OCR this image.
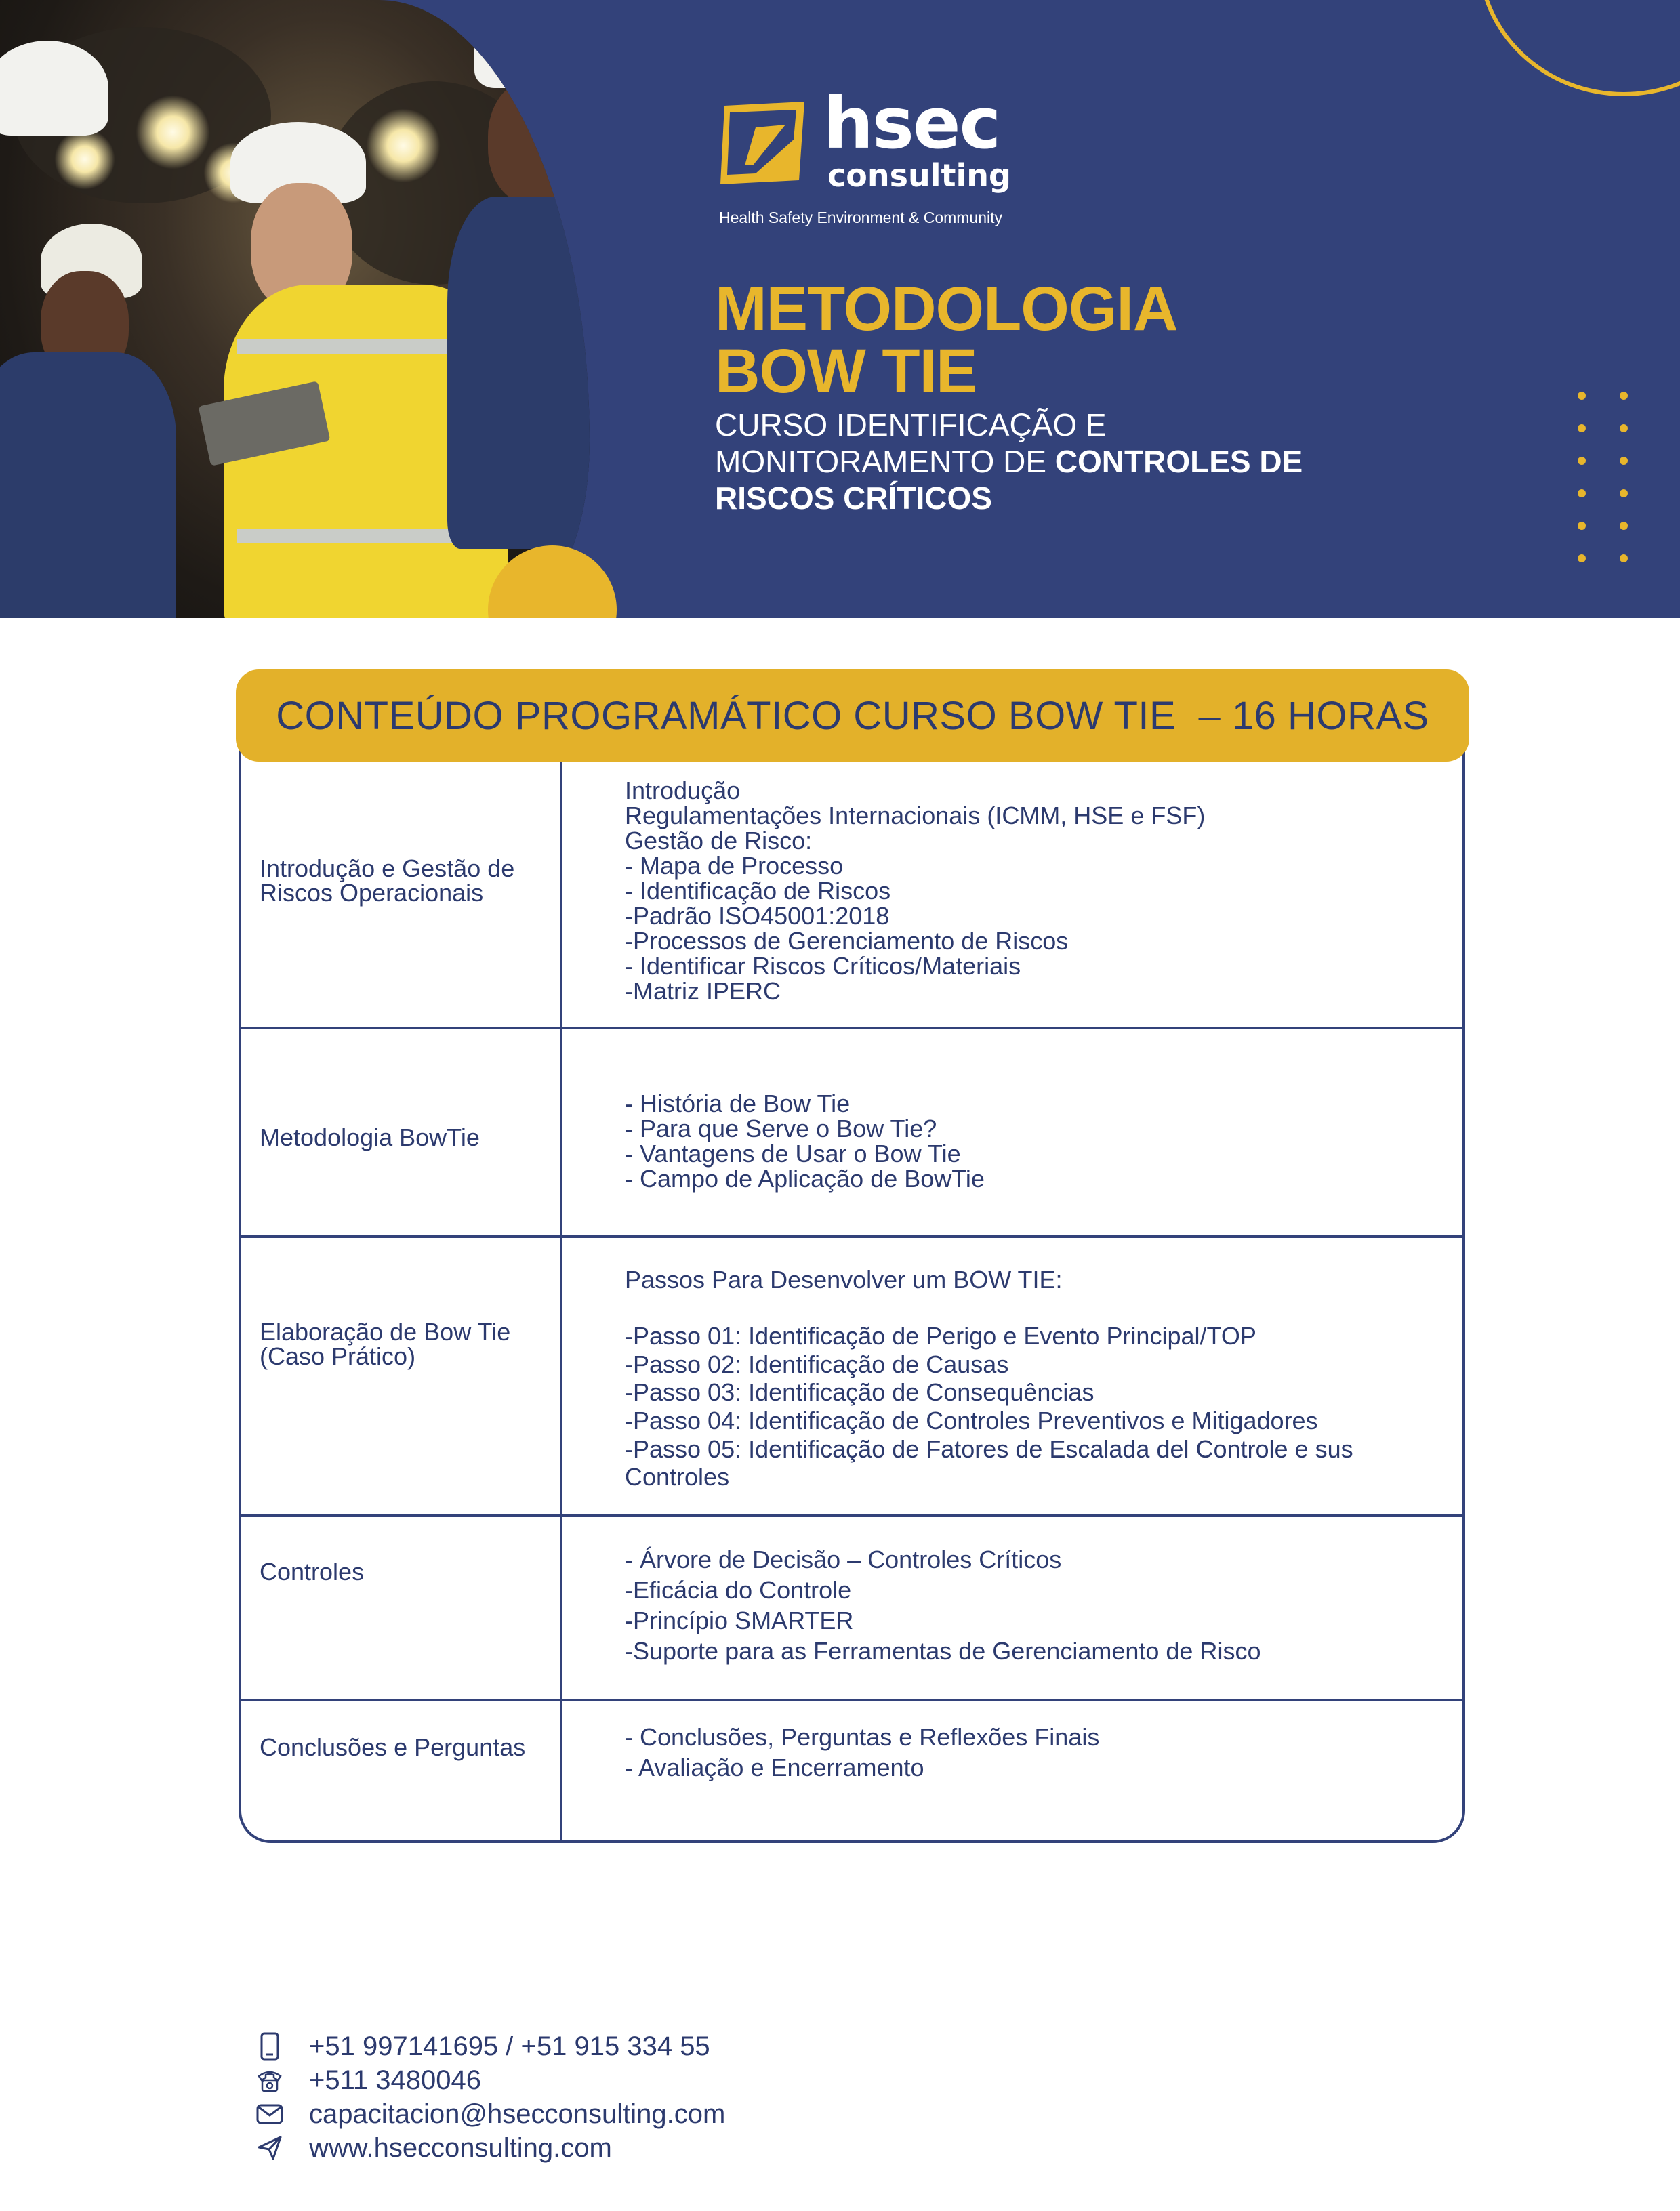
hsec
consulting
Health Safety Environment & Community
METODOLOGIA
BOW TIE
CURSO IDENTIFICAÇÃO E MONITORAMENTO DE CONTROLES DE RISCOS CRÍTICOS
CONTEÚDO PROGRAMÁTICO CURSO BOW TIE  – 16 HORAS
Introdução e Gestão de Riscos Operacionais
Introdução
Regulamentações Internacionais (ICMM, HSE e FSF)
Gestão de Risco:
- Mapa de Processo
- Identificação de Riscos
-Padrão ISO45001:2018
-Processos de Gerenciamento de Riscos
- Identificar Riscos Críticos/Materiais
-Matriz IPERC
Metodologia BowTie
- História de Bow Tie
- Para que Serve o Bow Tie?
- Vantagens de Usar o Bow Tie
- Campo de Aplicação de BowTie
Elaboração de Bow Tie (Caso Prático)
Passos Para Desenvolver um BOW TIE:

-Passo 01: Identificação de Perigo e Evento Principal/TOP
-Passo 02: Identificação de Causas
-Passo 03: Identificação de Consequências
-Passo 04: Identificação de Controles Preventivos e Mitigadores
-Passo 05: Identificação de Fatores de Escalada del Controle e sus Controles
Controles	- Árvore de Decisão – Controles Críticos
-Eficácia do Controle
-Princípio SMARTER
-Suporte para as Ferramentas de Gerenciamento de Risco
Conclusões e Perguntas	- Conclusões, Perguntas e Reflexões Finais
- Avaliação e Encerramento
+51 997141695 / +51 915 334 55
+511 3480046
capacitacion@hsecconsulting.com
www.hsecconsulting.com
